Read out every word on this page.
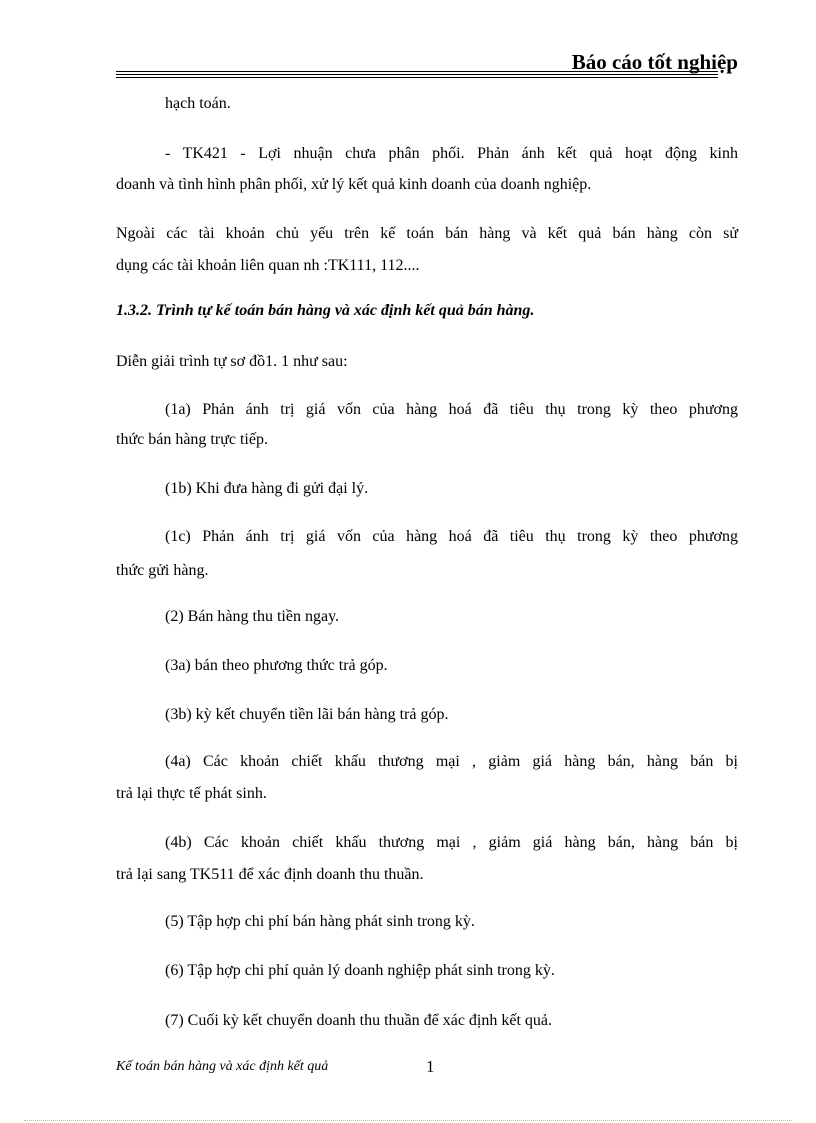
Báo cáo tốt nghiệp
hạch toán.
- TK421 - Lợi nhuận chưa phân phối. Phản ánh kết quả hoạt động kinh
doanh và tình hình phân phối, xử lý kết quả kinh doanh của doanh nghiệp.
Ngoài các tài khoản chủ yếu trên kế toán bán hàng và kết quả bán hàng còn sử
dụng các tài khoản liên quan nh :TK111, 112....
1.3.2. Trình tự kế toán bán hàng và xác định kết quả bán hàng.
Diễn giải trình tự sơ đồ1. 1 như sau:
(1a) Phản ánh trị giá vốn của hàng hoá đã tiêu thụ trong kỳ theo phương
thức bán hàng trực tiếp.
(1b) Khi đưa hàng đi gửi đại lý.
(1c) Phản ánh trị giá vốn của hàng hoá đã tiêu thụ trong kỳ theo phương
thức gửi hàng.
(2) Bán hàng thu tiền ngay.
(3a) bán theo phương thức trả góp.
(3b) kỳ kết chuyển tiền lãi bán hàng trả góp.
(4a) Các khoản chiết khấu thương mại , giảm giá hàng bán, hàng bán bị
trả lại thực tế phát sinh.
(4b) Các khoản chiết khấu thương mại , giảm giá hàng bán, hàng bán bị
trả lại sang TK511 để xác định doanh thu thuần.
(5) Tập hợp chi phí bán hàng phát sinh trong kỳ.
(6) Tập hợp chi phí quản lý doanh nghiệp phát sinh trong kỳ.
(7) Cuối kỳ kết chuyển doanh thu thuần để xác định kết quả.
Kế toán bán hàng và xác định kết quả	1
